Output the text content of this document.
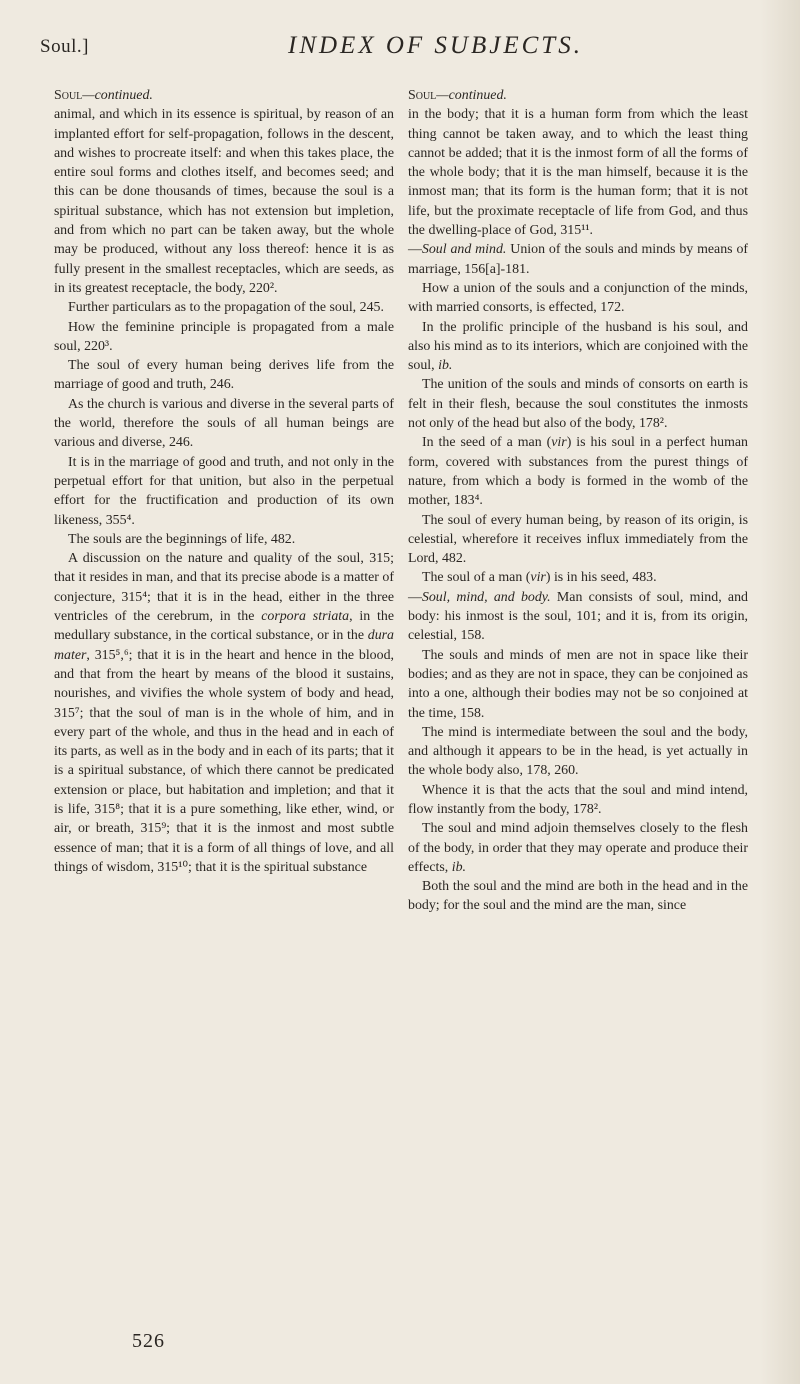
Soul.]	INDEX OF SUBJECTS.

Soul—continued.

animal, and which in its essence is spiritual, by reason of an implanted effort for self-propagation, follows in the descent, and wishes to procreate itself: and when this takes place, the entire soul forms and clothes itself, and becomes seed; and this can be done thousands of times, because the soul is a spiritual substance, which has not extension but impletion, and from which no part can be taken away, but the whole may be produced, without any loss thereof: hence it is as fully present in the smallest receptacles, which are seeds, as in its greatest receptacle, the body, 220².

Further particulars as to the propagation of the soul, 245.

How the feminine principle is propagated from a male soul, 220³.

The soul of every human being derives life from the marriage of good and truth, 246.

As the church is various and diverse in the several parts of the world, therefore the souls of all human beings are various and diverse, 246.

It is in the marriage of good and truth, and not only in the perpetual effort for that unition, but also in the perpetual effort for the fructification and production of its own likeness, 355⁴.

The souls are the beginnings of life, 482.

A discussion on the nature and quality of the soul, 315; that it resides in man, and that its precise abode is a matter of conjecture, 315⁴; that it is in the head, either in the three ventricles of the cerebrum, in the corpora striata, in the medullary substance, in the cortical substance, or in the dura mater, 315⁵,⁶; that it is in the heart and hence in the blood, and that from the heart by means of the blood it sustains, nourishes, and vivifies the whole system of body and head, 315⁷; that the soul of man is in the whole of him, and in every part of the whole, and thus in the head and in each of its parts, as well as in the body and in each of its parts; that it is a spiritual substance, of which there cannot be predicated extension or place, but habitation and impletion; and that it is life, 315⁸; that it is a pure something, like ether, wind, or air, or breath, 315⁹; that it is the inmost and most subtle essence of man; that it is a form of all things of love, and all things of wisdom, 315¹⁰; that it is the spiritual substance

Soul—continued.

in the body; that it is a human form from which the least thing cannot be taken away, and to which the least thing cannot be added; that it is the inmost form of all the forms of the whole body; that it is the man himself, because it is the inmost man; that its form is the human form; that it is not life, but the proximate receptacle of life from God, and thus the dwelling-place of God, 315¹¹.

—Soul and mind. Union of the souls and minds by means of marriage, 156[a]-181.

How a union of the souls and a conjunction of the minds, with married consorts, is effected, 172.

In the prolific principle of the husband is his soul, and also his mind as to its interiors, which are conjoined with the soul, ib.

The unition of the souls and minds of consorts on earth is felt in their flesh, because the soul constitutes the inmosts not only of the head but also of the body, 178².

In the seed of a man (vir) is his soul in a perfect human form, covered with substances from the purest things of nature, from which a body is formed in the womb of the mother, 183⁴.

The soul of every human being, by reason of its origin, is celestial, wherefore it receives influx immediately from the Lord, 482.

The soul of a man (vir) is in his seed, 483.

—Soul, mind, and body. Man consists of soul, mind, and body: his inmost is the soul, 101; and it is, from its origin, celestial, 158.

The souls and minds of men are not in space like their bodies; and as they are not in space, they can be conjoined as into a one, although their bodies may not be so conjoined at the time, 158.

The mind is intermediate between the soul and the body, and although it appears to be in the head, is yet actually in the whole body also, 178, 260.

Whence it is that the acts that the soul and mind intend, flow instantly from the body, 178².

The soul and mind adjoin themselves closely to the flesh of the body, in order that they may operate and produce their effects, ib.

Both the soul and the mind are both in the head and in the body; for the soul and the mind are the man, since

526
